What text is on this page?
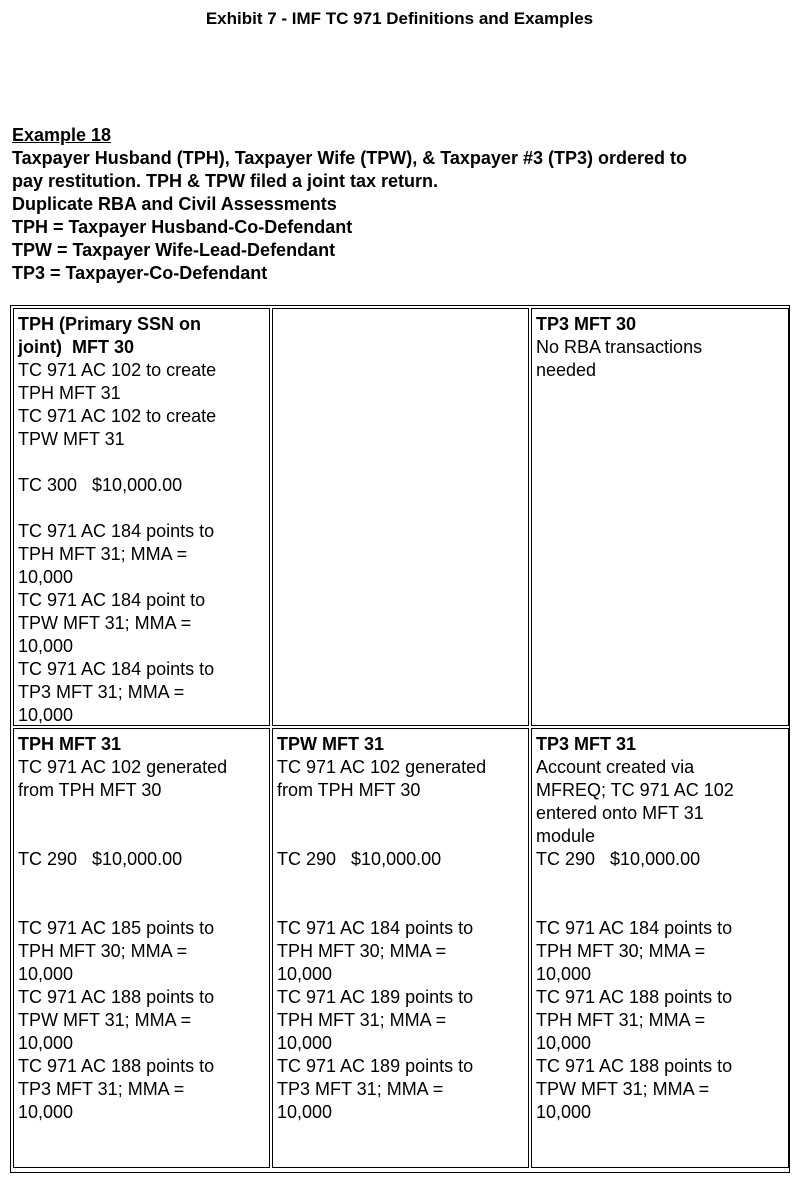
Exhibit 7 - IMF TC 971 Definitions and Examples
Example 18
Taxpayer Husband (TPH), Taxpayer Wife (TPW), & Taxpayer #3 (TP3) ordered to
pay restitution. TPH & TPW filed a joint tax return.
Duplicate RBA and Civil Assessments
TPH = Taxpayer Husband-Co-Defendant
TPW = Taxpayer Wife-Lead-Defendant
TP3 = Taxpayer-Co-Defendant
TPH (Primary SSN on
joint)  MFT 30
TC 971 AC 102 to create
TPH MFT 31
TC 971 AC 102 to create
TPW MFT 31
TC 300   $10,000.00
TC 971 AC 184 points to
TPH MFT 31; MMA =
10,000
TC 971 AC 184 point to
TPW MFT 31; MMA =
10,000
TC 971 AC 184 points to
TP3 MFT 31; MMA =
10,000
TP3 MFT 30
No RBA transactions
needed
TPH MFT 31
TC 971 AC 102 generated
from TPH MFT 30
TC 290   $10,000.00
TC 971 AC 185 points to
TPH MFT 30; MMA =
10,000
TC 971 AC 188 points to
TPW MFT 31; MMA =
10,000
TC 971 AC 188 points to
TP3 MFT 31; MMA =
10,000
TPW MFT 31
TC 971 AC 102 generated
from TPH MFT 30
TC 290   $10,000.00
TC 971 AC 184 points to
TPH MFT 30; MMA =
10,000
TC 971 AC 189 points to
TPH MFT 31; MMA =
10,000
TC 971 AC 189 points to
TP3 MFT 31; MMA =
10,000
TP3 MFT 31
Account created via
MFREQ; TC 971 AC 102
entered onto MFT 31
module
TC 290   $10,000.00
TC 971 AC 184 points to
TPH MFT 30; MMA =
10,000
TC 971 AC 188 points to
TPH MFT 31; MMA =
10,000
TC 971 AC 188 points to
TPW MFT 31; MMA =
10,000
